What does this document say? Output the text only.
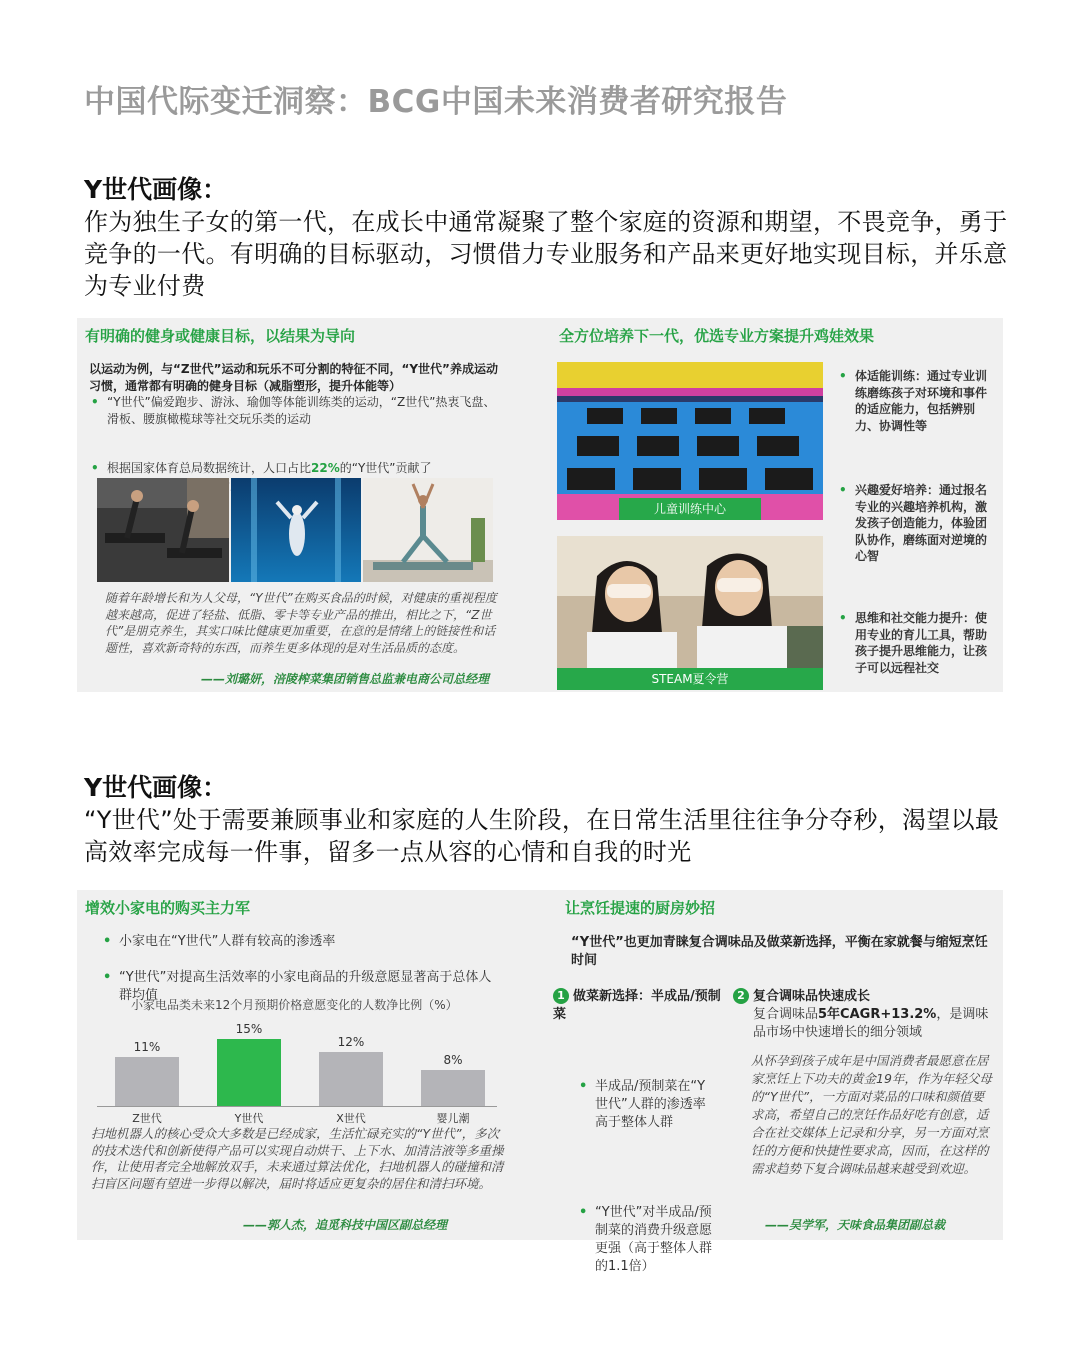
中国代际变迁洞察：BCG中国未来消费者研究报告
Y世代画像：
作为独生子女的第一代，在成长中通常凝聚了整个家庭的资源和期望，不畏竞争，勇于竞争的一代。有明确的目标驱动，习惯借力专业服务和产品来更好地实现目标，并乐意为专业付费
有明确的健身或健康目标，以结果为导向
以运动为例，与“Z世代”运动和玩乐不可分割的特征不同，“Y世代”养成运动习惯，通常都有明确的健身目标（减脂塑形，提升体能等）
• “Y世代”偏爱跑步、游泳、瑜伽等体能训练类的运动，“Z世代”热衷飞盘、滑板、腰旗橄榄球等社交玩乐类的运动
• 根据国家体育总局数据统计，人口占比22%的“Y世代”贡献了

随着年龄增长和为人父母，“Y世代”在购买食品的时候，对健康的重视程度越来越高，促进了轻盐、低脂、零卡等专业产品的推出，相比之下，“Z世代”是朋克养生，其实口味比健康更加重要，在意的是情绪上的链接性和话题性，喜欢新奇特的东西，而养生更多体现的是对生活品质的态度。
——刘璐妍，涪陵榨菜集团销售总监兼电商公司总经理
全方位培养下一代，优选专业方案提升鸡娃效果
儿童训练中心
STEAM夏令营
• 体适能训练：通过专业训练磨练孩子对环境和事件的适应能力，包括辨别力、协调性等
• 兴趣爱好培养：通过报名专业的兴趣培养机构，激发孩子创造能力，体验团队协作，磨练面对逆境的心智
• 思维和社交能力提升：使用专业的育儿工具，帮助孩子提升思维能力，让孩子可以远程社交
Y世代画像：
“Y世代”处于需要兼顾事业和家庭的人生阶段，在日常生活里往往争分夺秒，渴望以最高效率完成每一件事，留多一点从容的心情和自我的时光
增效小家电的购买主力军
• 小家电在“Y世代”人群有较高的渗透率
• “Y世代”对提高生活效率的小家电商品的升级意愿显著高于总体人群均值
小家电品类未来12个月预期价格意愿变化的人数净比例（%）
11%
Z世代
15%
Y世代
12%
X世代
8%
婴儿潮
扫地机器人的核心受众大多数是已经成家，生活忙碌充实的“Y世代”，多次的技术迭代和创新使得产品可以实现自动烘干、上下水、加清洁液等多重操作，让使用者完全地解放双手，未来通过算法优化，扫地机器人的碰撞和清扫盲区问题有望进一步得以解决，届时将适应更复杂的居住和清扫环境。
——郭人杰，追觅科技中国区副总经理
让烹饪提速的厨房妙招
“Y世代”也更加青睐复合调味品及做菜新选择，平衡在家就餐与缩短烹饪时间
1 做菜新选择：半成品/预制菜
• 半成品/预制菜在“Y世代”人群的渗透率高于整体人群
• “Y世代”对半成品/预制菜的消费升级意愿更强（高于整体人群的1.1倍）
2 复合调味品快速成长
复合调味品5年CAGR+13.2%，是调味品市场中快速增长的细分领域
从怀孕到孩子成年是中国消费者最愿意在居家烹饪上下功夫的黄金19年，作为年轻父母的“Y世代”，一方面对菜品的口味和颜值要求高，希望自己的烹饪作品好吃有创意，适合在社交媒体上记录和分享，另一方面对烹饪的方便和快捷性要求高，因而，在这样的需求趋势下复合调味品越来越受到欢迎。
——吴学军，天味食品集团副总裁
